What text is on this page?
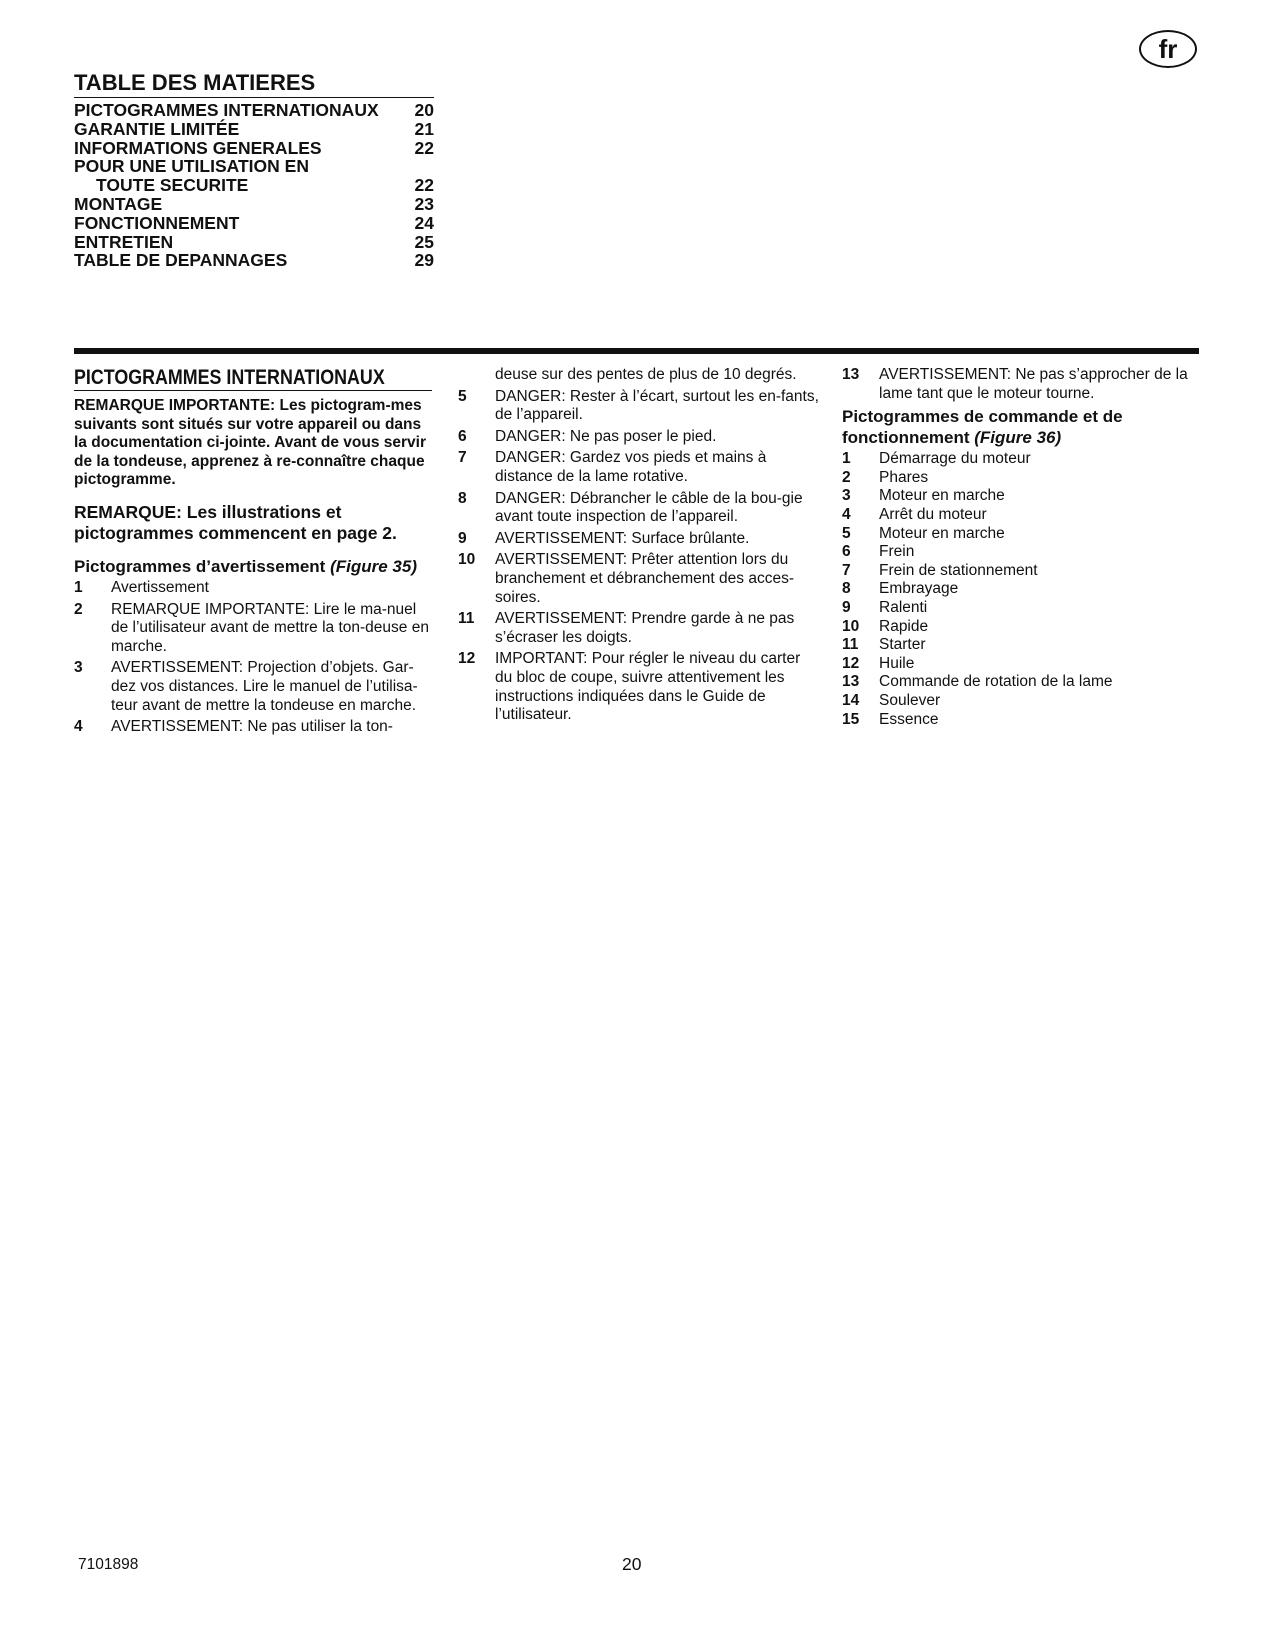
fr
TABLE DES MATIERES
PICTOGRAMMES INTERNATIONAUX 20
GARANTIE LIMITÉE	21
INFORMATIONS GENERALES	22
POUR UNE UTILISATION EN
TOUTE SECURITE	22
MONTAGE	23
FONCTIONNEMENT	24
ENTRETIEN	25
TABLE DE DEPANNAGES	29
PICTOGRAMMES INTERNATIONAUX

REMARQUE IMPORTANTE: Les pictogram-mes suivants sont situés sur votre appareil ou dans la documentation ci-jointe. Avant de vous servir de la tondeuse, apprenez à re-connaître chaque pictogramme.

REMARQUE: Les illustrations et pictogrammes commencent en page 2.

Pictogrammes d’avertissement (Figure 35)

1	Avertissement
2	REMARQUE IMPORTANTE: Lire le ma-nuel de l’utilisateur avant de mettre la ton-deuse en marche.
3	AVERTISSEMENT: Projection d’objets. Gar-dez vos distances. Lire le manuel de l’utilisa-teur avant de mettre la tondeuse en marche.
4	AVERTISSEMENT: Ne pas utiliser la ton-
deuse sur des pentes de plus de 10 degrés.
5	DANGER: Rester à l’écart, surtout les en-fants, de l’appareil.
6	DANGER: Ne pas poser le pied.
7	DANGER: Gardez vos pieds et mains à distance de la lame rotative.
8	DANGER: Débrancher le câble de la bou-gie avant toute inspection de l’appareil.
9	AVERTISSEMENT: Surface brûlante.
10	AVERTISSEMENT: Prêter attention lors du branchement et débranchement des acces-soires.
11	AVERTISSEMENT: Prendre garde à ne pas s’écraser les doigts.
12	IMPORTANT: Pour régler le niveau du carter du bloc de coupe, suivre attentivement les instructions indiquées dans le Guide de l’utilisateur.
13	AVERTISSEMENT: Ne pas s’approcher de la lame tant que le moteur tourne.

Pictogrammes de commande et de fonctionnement (Figure 36)

1	Démarrage du moteur
2	Phares
3	Moteur en marche
4	Arrêt du moteur
5	Moteur en marche
6	Frein
7	Frein de stationnement
8	Embrayage
9	Ralenti
10	Rapide
11	Starter
12	Huile
13	Commande de rotation de la lame
14	Soulever
15	Essence
7101898	20
